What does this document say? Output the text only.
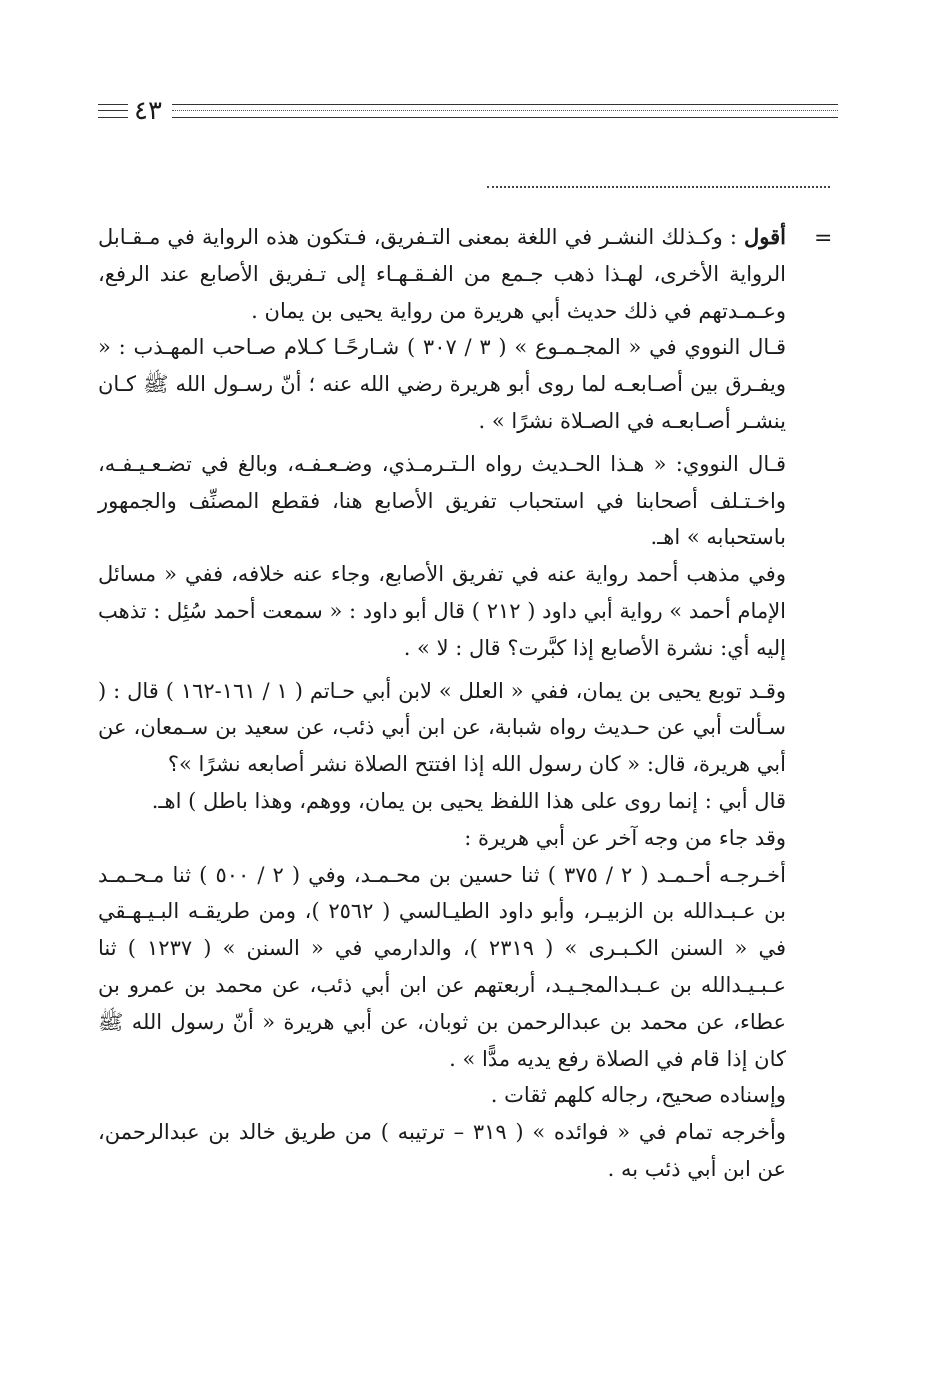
٤٣
=

أقول : وكـذلك النشـر في اللغة بمعنى التـفريق، فـتكون هذه الرواية في مـقـابل الرواية الأخرى، لهـذا ذهب جـمع من الفـقـهـاء إلى تـفريق الأصابع عند الرفع، وعـمـدتهم في ذلك حديث أبي هريرة من رواية يحيى بن يمان .

قـال النووي في « المجـمـوع » ( ٣ / ٣٠٧ ) شـارحًـا كـلام صـاحب المهـذب : « ويفـرق بين أصـابعـه لما روى أبو هريرة رضي الله عنه ؛ أنّ رسـول الله ﷺ كـان ينشـر أصـابعـه في الصـلاة نشرًا » .

قـال النووي: « هـذا الحـديث رواه الـتـرمـذي، وضـعـفـه، وبالغ في تضـعـيـفـه، واخـتـلف أصحابنا في استحباب تفريق الأصابع هنا، فقطع المصنِّف والجمهور باستحبابه » اهـ.

وفي مذهب أحمد رواية عنه في تفريق الأصابع، وجاء عنه خلافه، ففي « مسائل الإمام أحمد » رواية أبي داود ( ٢١٢ ) قال أبو داود : « سمعت أحمد سُئِل : تذهب إليه أي: نشرة الأصابع إذا كبَّرت؟ قال : لا » .

وقـد توبع يحيى بن يمان، ففي « العلل » لابن أبي حـاتم ( ١ / ١٦١-١٦٢ ) قال : ( سـألت أبي عن حـديث رواه شبابة، عن ابن أبي ذئب، عن سعيد بن سـمعان، عن أبي هريرة، قال: « كان رسول الله إذا افتتح الصلاة نشر أصابعه نشرًا »؟

قال أبي : إنما روى على هذا اللفظ يحيى بن يمان، ووهم، وهذا باطل ) اهـ.

وقد جاء من وجه آخر عن أبي هريرة :

أخـرجـه أحـمـد ( ٢ / ٣٧٥ ) ثنا حسين بن محـمـد، وفي ( ٢ / ٥٠٠ ) ثنا مـحـمـد بن عـبـدالله بن الزبيـر، وأبو داود الطيـالسي ( ٢٥٦٢ )، ومن طريقـه البـيـهـقي في « السنن الكـبـرى » ( ٢٣١٩ )، والدارمي في « السنن » ( ١٢٣٧ ) ثنا عـبـيـدالله بن عـبـدالمجـيـد، أربعتهم عن ابن أبي ذئب، عن محمد بن عمرو بن عطاء، عن محمد بن عبدالرحمن بن ثوبان، عن أبي هريرة « أنّ رسول الله ﷺ كان إذا قام في الصلاة رفع يديه مدًّا » .

وإسناده صحيح، رجاله كلهم ثقات .

وأخرجه تمام في « فوائده » ( ٣١٩ – ترتيبه ) من طريق خالد بن عبدالرحمن، عن ابن أبي ذئب به .
